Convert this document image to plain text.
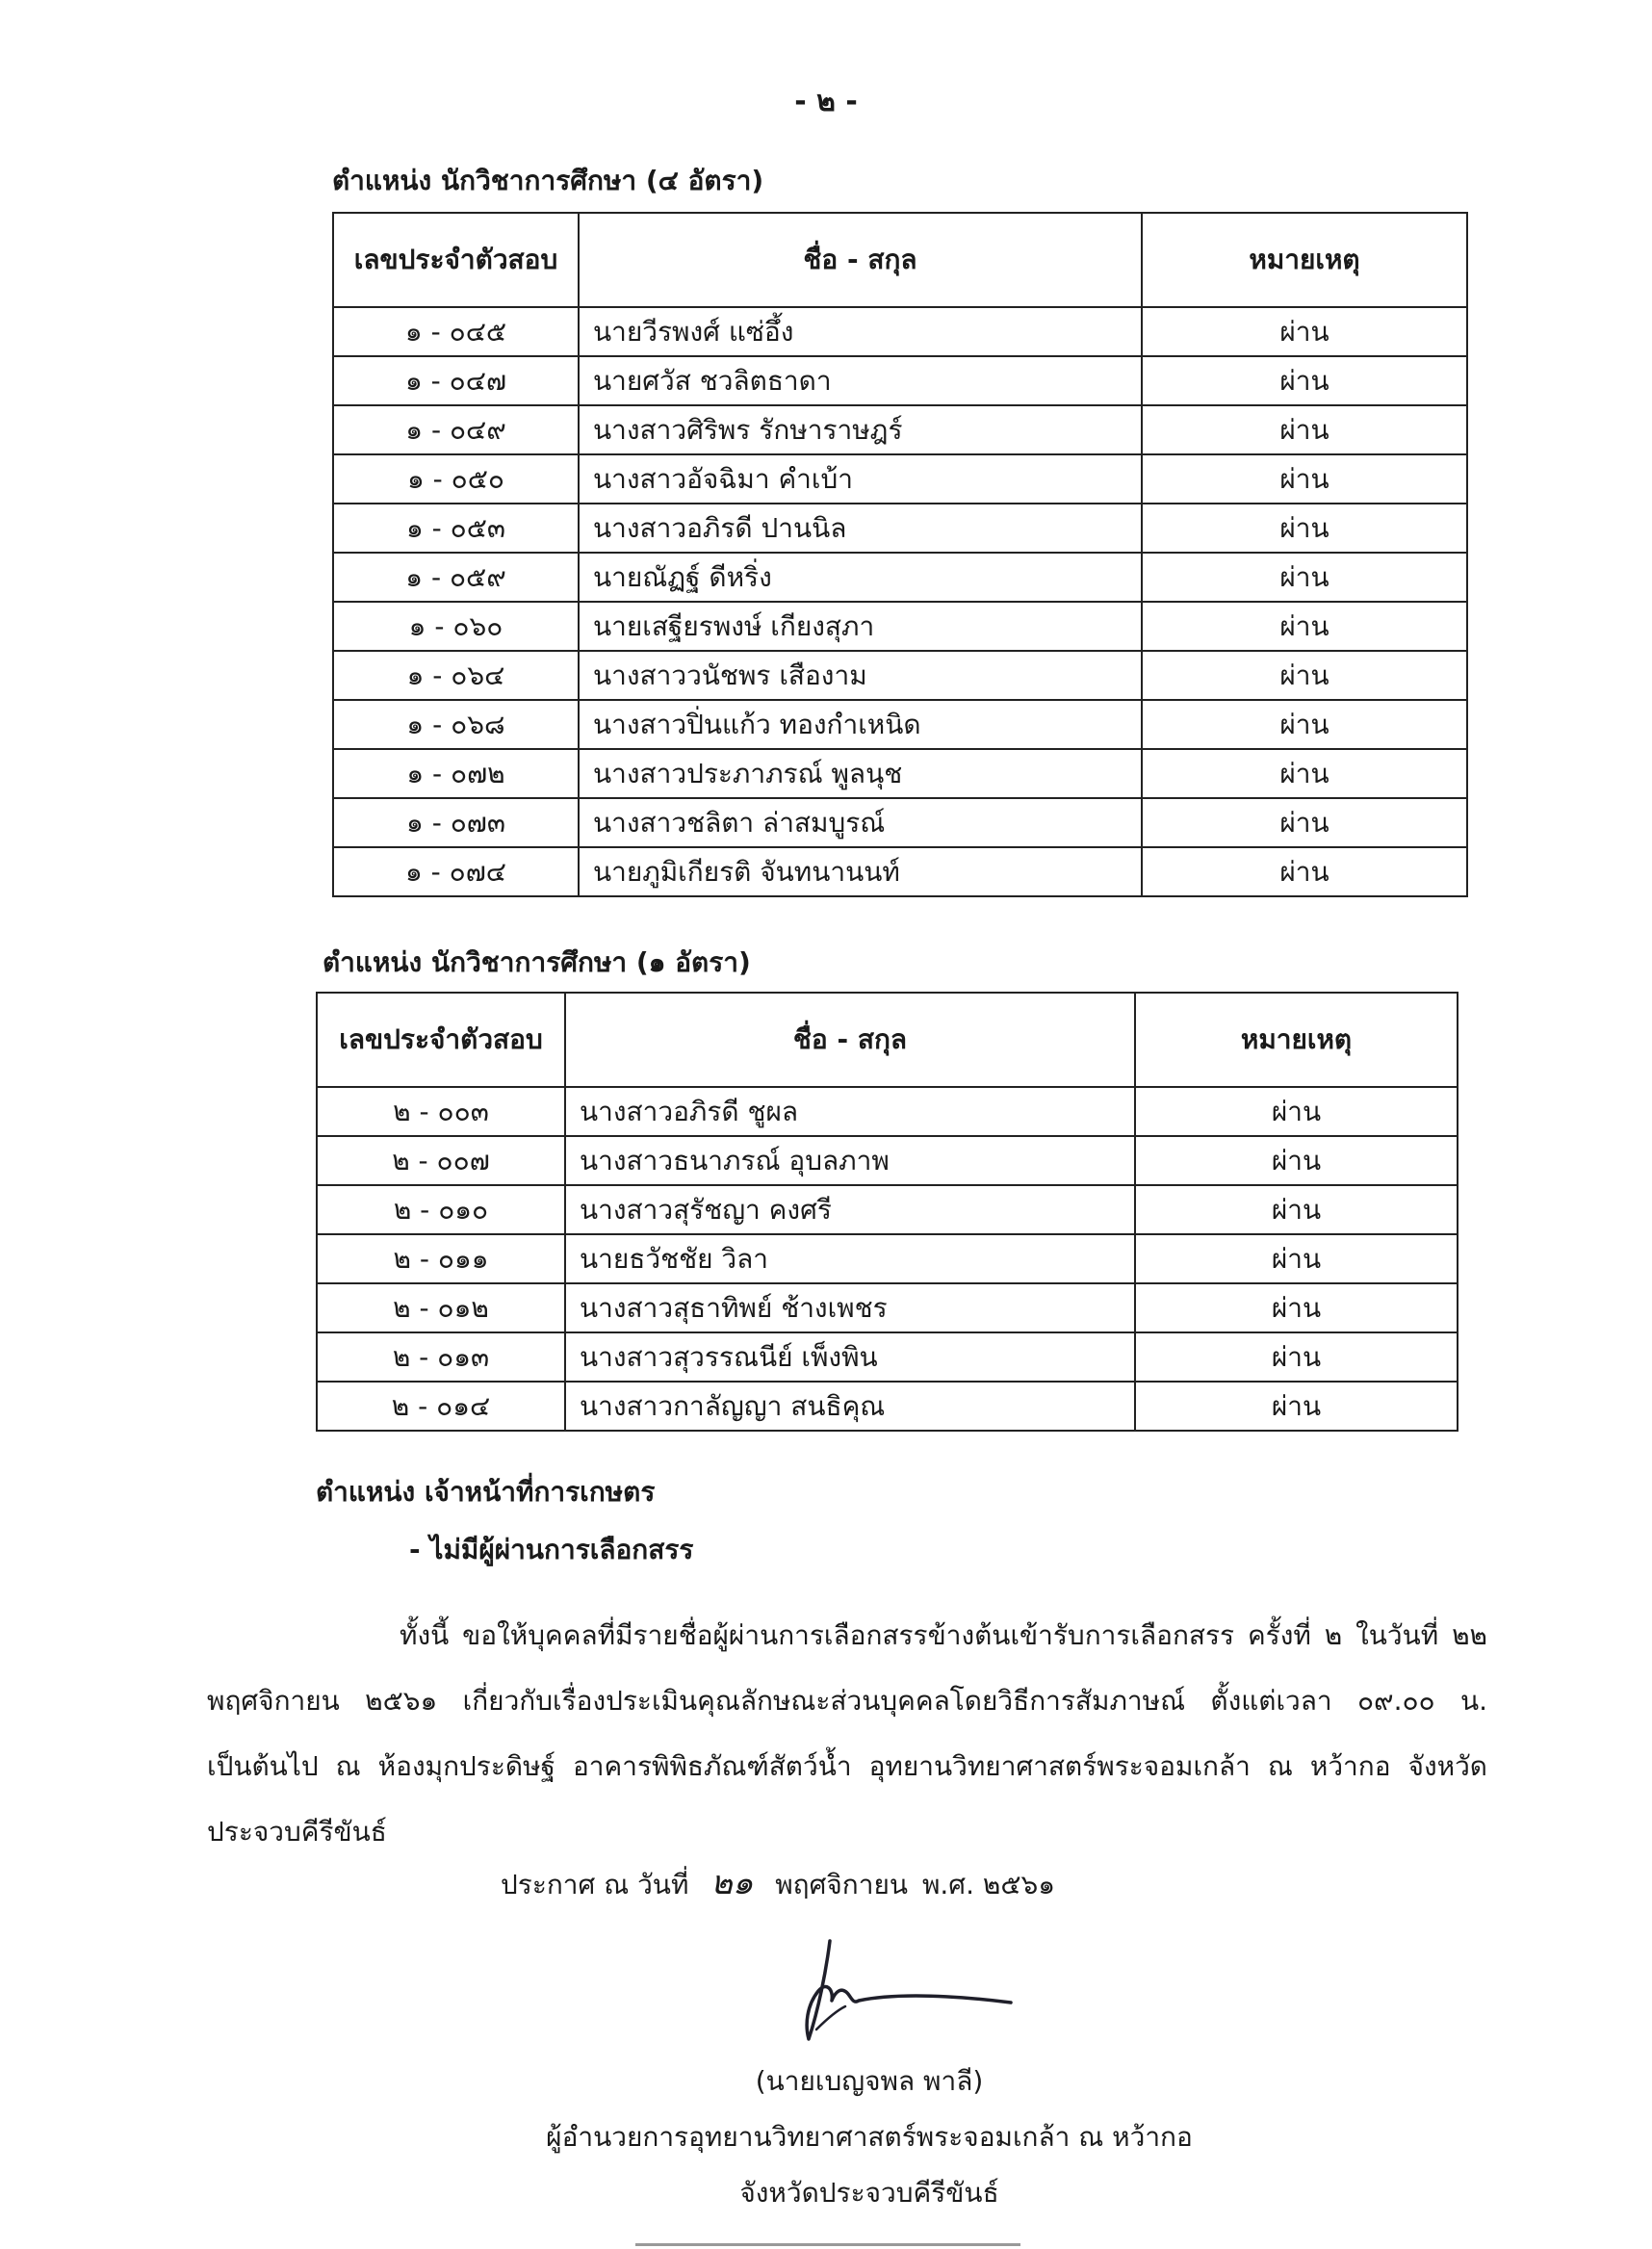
- ๒ -
ตำแหน่ง นักวิชาการศึกษา (๔ อัตรา)
เลขประจำตัวสอบ	ชื่อ - สกุล	หมายเหตุ
๑ - ๐๔๕	นายวีรพงศ์ แซ่อึ้ง	ผ่าน
๑ - ๐๔๗	นายศวัส ชวลิตธาดา	ผ่าน
๑ - ๐๔๙	นางสาวศิริพร รักษาราษฎร์	ผ่าน
๑ - ๐๕๐	นางสาวอัจฉิมา คำเบ้า	ผ่าน
๑ - ๐๕๓	นางสาวอภิรดี ปานนิล	ผ่าน
๑ - ๐๕๙	นายณัฏฐ์ ดีหริ่ง	ผ่าน
๑ - ๐๖๐	นายเสฐียรพงษ์ เกียงสุภา	ผ่าน
๑ - ๐๖๔	นางสาววนัชพร เสืองาม	ผ่าน
๑ - ๐๖๘	นางสาวปิ่นแก้ว ทองกำเหนิด	ผ่าน
๑ - ๐๗๒	นางสาวประภาภรณ์ พูลนุช	ผ่าน
๑ - ๐๗๓	นางสาวชลิตา ล่าสมบูรณ์	ผ่าน
๑ - ๐๗๔	นายภูมิเกียรติ จันทนานนท์	ผ่าน
ตำแหน่ง นักวิชาการศึกษา (๑ อัตรา)
เลขประจำตัวสอบ	ชื่อ - สกุล	หมายเหตุ
๒ - ๐๐๓	นางสาวอภิรดี ชูผล	ผ่าน
๒ - ๐๐๗	นางสาวธนาภรณ์ อุบลภาพ	ผ่าน
๒ - ๐๑๐	นางสาวสุรัชญา คงศรี	ผ่าน
๒ - ๐๑๑	นายธวัชชัย วิลา	ผ่าน
๒ - ๐๑๒	นางสาวสุธาทิพย์ ช้างเพชร	ผ่าน
๒ - ๐๑๓	นางสาวสุวรรณนีย์ เพ็งพิน	ผ่าน
๒ - ๐๑๔	นางสาวกาลัญญา สนธิคุณ	ผ่าน
ตำแหน่ง เจ้าหน้าที่การเกษตร
- ไม่มีผู้ผ่านการเลือกสรร

ทั้งนี้ ขอให้บุคคลที่มีรายชื่อผู้ผ่านการเลือกสรรข้างต้นเข้ารับการเลือกสรร ครั้งที่ ๒ ในวันที่ ๒๒ พฤศจิกายน ๒๕๖๑ เกี่ยวกับเรื่องประเมินคุณลักษณะส่วนบุคคลโดยวิธีการสัมภาษณ์ ตั้งแต่เวลา ๐๙.๐๐ น. เป็นต้นไป ณ ห้องมุกประดิษฐ์ อาคารพิพิธภัณฑ์สัตว์น้ำ อุทยานวิทยาศาสตร์พระจอมเกล้า ณ หว้ากอ จังหวัดประจวบคีรีขันธ์

ประกาศ ณ วันที่ ๒๑ พฤศจิกายน พ.ศ. ๒๕๖๑
(นายเบญจพล พาลี)
ผู้อำนวยการอุทยานวิทยาศาสตร์พระจอมเกล้า ณ หว้ากอ
จังหวัดประจวบคีรีขันธ์
